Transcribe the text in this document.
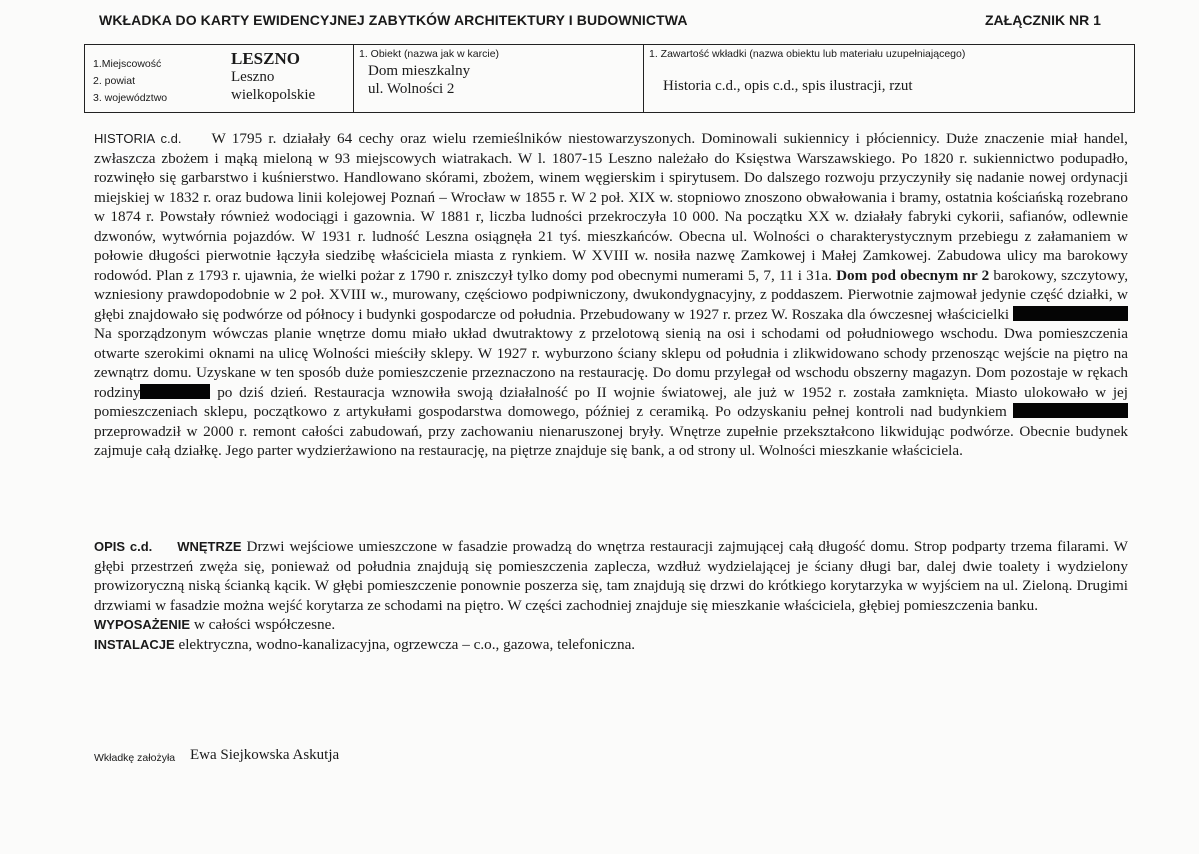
WKŁADKA DO KARTY EWIDENCYJNEJ ZABYTKÓW ARCHITEKTURY I BUDOWNICTWA	ZAŁĄCZNIK NR 1
1.Miejscowość
2. powiat
3. województwo
LESZNO
Leszno
wielkopolskie
1. Obiekt (nazwa jak w karcie)
Dom mieszkalny
ul. Wolności 2
1. Zawartość wkładki (nazwa obiektu lub materiału uzupełniającego)
Historia c.d., opis c.d., spis ilustracji, rzut

HISTORIA c.d. W 1795 r. działały 64 cechy oraz wielu rzemieślników niestowarzyszonych. Dominowali sukiennicy i płóciennicy. Duże znaczenie miał handel, zwłaszcza zbożem i mąką mieloną w 93 miejscowych wiatrakach. W l. 1807-15 Leszno należało do Księstwa Warszawskiego. Po 1820 r. sukiennictwo podupadło, rozwinęło się garbarstwo i kuśnierstwo. Handlowano skórami, zbożem, winem węgierskim i spirytusem. Do dalszego rozwoju przyczyniły się nadanie nowej ordynacji miejskiej w 1832 r. oraz budowa linii kolejowej Poznań – Wrocław w 1855 r. W 2 poł. XIX w. stopniowo znoszono obwałowania i bramy, ostatnia kościańską rozebrano w 1874 r. Powstały również wodociągi i gazownia. W 1881 r, liczba ludności przekroczyła 10 000. Na początku XX w. działały fabryki cykorii, safianów, odlewnie dzwonów, wytwórnia pojazdów. W 1931 r. ludność Leszna osiągnęła 21 tyś. mieszkańców. Obecna ul. Wolności o charakterystycznym przebiegu z załamaniem w połowie długości pierwotnie łączyła siedzibę właściciela miasta z rynkiem. W XVIII w. nosiła nazwę Zamkowej i Małej Zamkowej. Zabudowa ulicy ma barokowy rodowód. Plan z 1793 r. ujawnia, że wielki pożar z 1790 r. zniszczył tylko domy pod obecnymi numerami 5, 7, 11 i 31a. Dom pod obecnym nr 2 barokowy, szczytowy, wzniesiony prawdopodobnie w 2 poł. XVIII w., murowany, częściowo podpiwniczony, dwukondygnacyjny, z poddaszem. Pierwotnie zajmował jedynie część działki, w głębi znajdowało się podwórze od północy i budynki gospodarcze od południa. Przebudowany w 1927 r. przez W. Roszaka dla ówczesnej właścicielki  Na sporządzonym wówczas planie wnętrze domu miało układ dwutraktowy z przelotową sienią na osi i schodami od południowego wschodu. Dwa pomieszczenia otwarte szerokimi oknami na ulicę Wolności mieściły sklepy. W 1927 r. wyburzono ściany sklepu od południa i zlikwidowano schody przenosząc wejście na piętro na zewnątrz domu. Uzyskane w ten sposób duże pomieszczenie przeznaczono na restaurację. Do domu przylegał od wschodu obszerny magazyn. Dom pozostaje w rękach rodziny	po dziś dzień. Restauracja wznowiła swoją działalność po II wojnie światowej, ale już w 1952 r. została zamknięta. Miasto ulokowało w jej pomieszczeniach sklepu, początkowo z artykułami gospodarstwa domowego, później z ceramiką. Po odzyskaniu pełnej kontroli nad budynkiem  przeprowadził w 2000 r. remont całości zabudowań, przy zachowaniu nienaruszonej bryły. Wnętrze zupełnie przekształcono likwidując podwórze. Obecnie budynek zajmuje całą działkę. Jego parter wydzierżawiono na restaurację, na piętrze znajduje się bank, a od strony ul. Wolności mieszkanie właściciela.

OPIS c.d. WNĘTRZE Drzwi wejściowe umieszczone w fasadzie prowadzą do wnętrza restauracji zajmującej całą długość domu. Strop podparty trzema filarami. W głębi przestrzeń zwęża się, ponieważ od południa znajdują się pomieszczenia zaplecza, wzdłuż wydzielającej je ściany długi bar, dalej dwie toalety i wydzielony prowizoryczną niską ścianką kącik. W głębi pomieszczenie ponownie poszerza się, tam znajdują się drzwi do krótkiego korytarzyka w wyjściem na ul. Zieloną. Drugimi drzwiami w fasadzie można wejść korytarza ze schodami na piętro. W części zachodniej znajduje się mieszkanie właściciela, głębiej pomieszczenia banku.

WYPOSAŻENIE w całości współczesne.

INSTALACJE elektryczna, wodno-kanalizacyjna, ogrzewcza – c.o., gazowa, telefoniczna.

Wkładkę założyła Ewa Siejkowska Askutja
